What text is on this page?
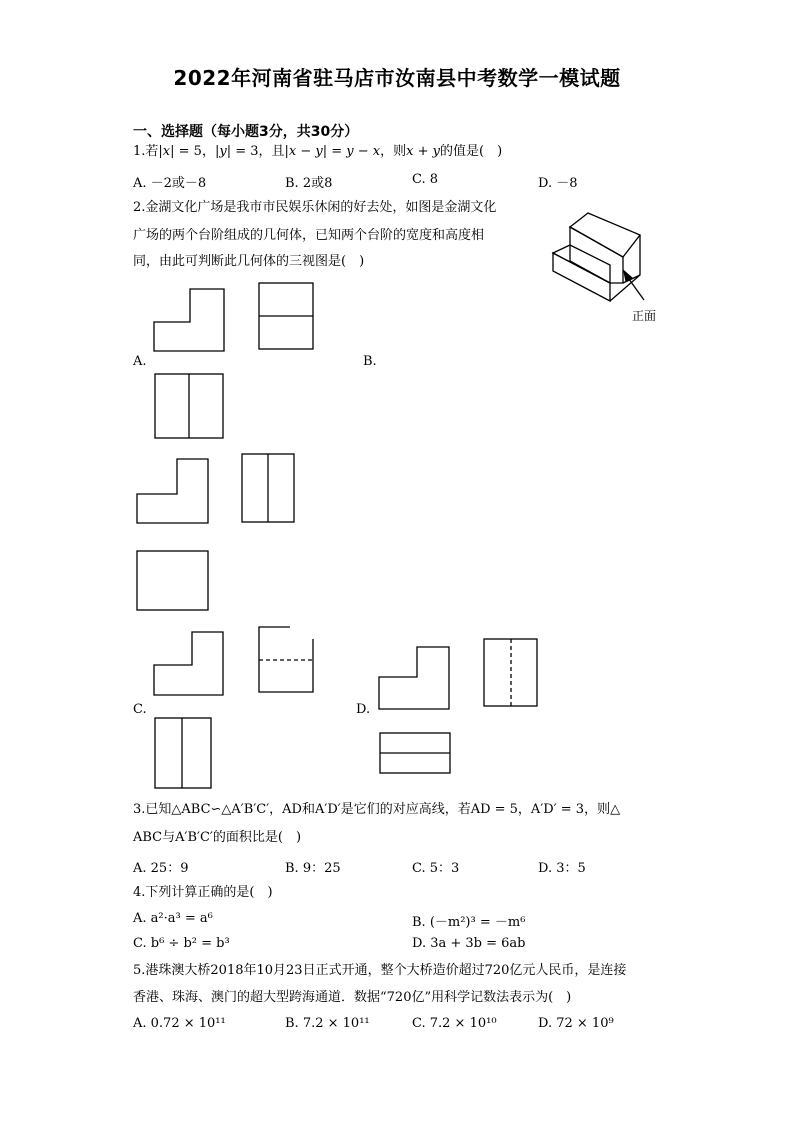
2022年河南省驻马店市汝南县中考数学一模试题
一、选择题（每小题3分，共30分）
1.若|x| = 5，|y| = 3，且|x − y| = y − x，则x + y的值是(　)
A. －2或－8	B. 2或8	C. 8	D. －8
2.金湖文化广场是我市市民娱乐休闲的好去处，如图是金湖文化
广场的两个台阶组成的几何体，已知两个台阶的宽度和高度相
同，由此可判断此几何体的三视图是(　)
正面
A.	B.
C.	D.
3.已知△ABC∽△A′B′C′，AD和A′D′是它们的对应高线，若AD = 5，A′D′ = 3，则△
ABC与A′B′C′的面积比是(　)
A. 25：9	B. 9：25	C. 5：3	D. 3：5
4.下列计算正确的是(　)
A. a²·a³ = a⁶	B. (－m²)³ = －m⁶
C. b⁶ ÷ b² = b³	D. 3a + 3b = 6ab
5.港珠澳大桥2018年10月23日正式开通，整个大桥造价超过720亿元人民币，是连接
香港、珠海、澳门的超大型跨海通道．数据“720亿”用科学记数法表示为(　)
A. 0.72 × 10¹¹	B. 7.2 × 10¹¹	C. 7.2 × 10¹⁰	D. 72 × 10⁹
